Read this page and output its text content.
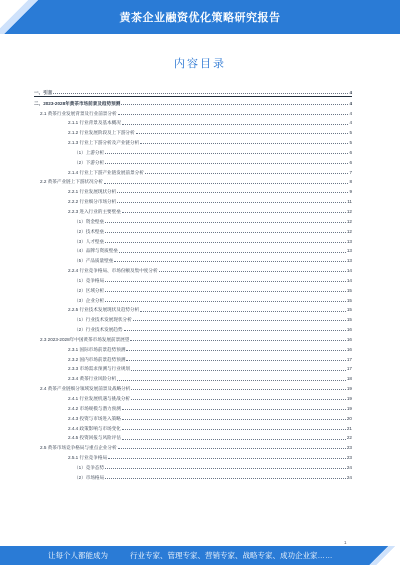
黄茶企业融资优化策略研究报告
内容目录
一、引言	4
二、2023-2028年黄茶市场前景及趋势预测	4
2.1 黄茶行业发展背景及行业前景分析	4
2.1.1 行业背景及基本概况	4
2.1.2 行业发展阶段及上下游分析	5
2.1.3 行业上下游分析及产业链分析	5
（1）上游分析	6
（2）下游分析	6
2.1.4 行业上下游产业链发展前景分析	7
2.2 黄茶产业链上下游状况分析	8
2.2.1 行业发展现状分析	9
2.2.2 行业细分市场分析	11
2.2.3 进入行业的主要壁垒	12
（1）资金壁垒	12
（2）技术壁垒	12
（3）人才壁垒	13
（4）品牌与资质壁垒	13
（5）产品质量壁垒	13
2.2.4 行业竞争格局、市场份额及集中度分析	14
（1）竞争格局	14
（2）区域分析	15
（3）企业分析	15
2.2.5 行业技术发展现状及趋势分析	15
（1）行业技术发展现状分析	15
（2）行业技术发展趋势	16
2.3 2023-2028年中国黄茶市场发展前景展望	16
2.3.1 国际市场前景趋势预测	16
2.3.2 国内市场前景趋势预测	17
2.3.3 市场需求预测与行业规划	17
2.3.4 黄茶行业风险分析	18
2.4 黄茶产业链细分领域发展前景及战略分析	19
2.4.1 行业发展机遇与挑战分析	19
2.4.2 市场规模与潜力预测	19
2.4.3 投资与市场进入策略	20
2.4.4 政策影响与市场变化	21
2.4.5 投资回报与风险评估	22
2.5 黄茶市场竞争格局与重点企业分析	23
2.5.1 行业竞争格局	23
（1）竞争态势	24
（2）市场格局	24
1
让每个人都能成为	行业专家、管理专家、营销专家、战略专家、成功企业家……
